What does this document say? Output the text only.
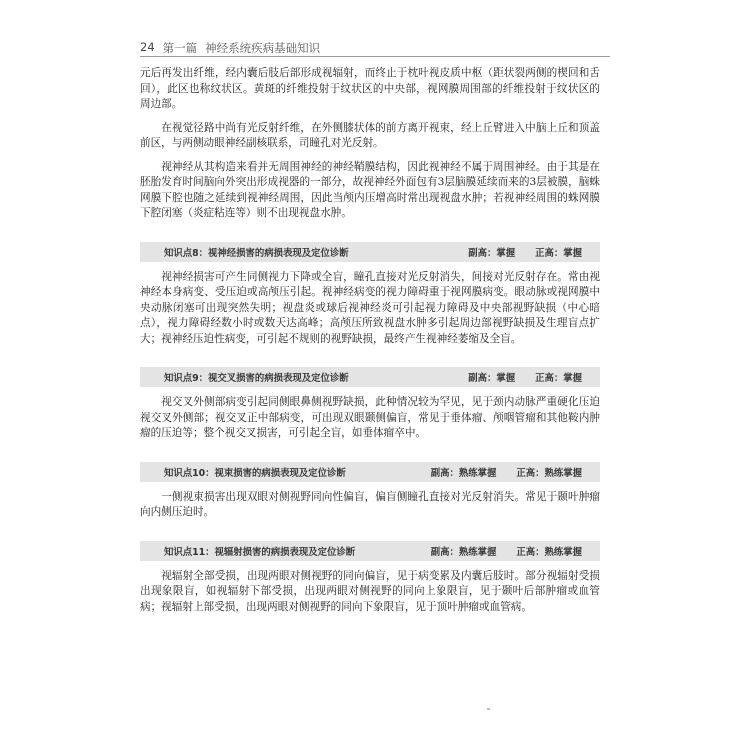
24 第一篇 神经系统疾病基础知识

元后再发出纤维，经内囊后肢后部形成视辐射，而终止于枕叶视皮质中枢（距状裂两侧的楔回和舌回），此区也称纹状区。黄斑的纤维投射于纹状区的中央部，视网膜周围部的纤维投射于纹状区的周边部。

在视觉径路中尚有光反射纤维，在外侧膝状体的前方离开视束，经上丘臂进入中脑上丘和顶盖前区，与两侧动眼神经副核联系，司瞳孔对光反射。

视神经从其构造来看并无周围神经的神经鞘膜结构，因此视神经不属于周围神经。由于其是在胚胎发育时间脑向外突出形成视器的一部分，故视神经外面包有3层脑膜延续而来的3层被膜，脑蛛网膜下腔也随之延续到视神经周围，因此当颅内压增高时常出现视盘水肿；若视神经周围的蛛网膜下腔闭塞（炎症粘连等）则不出现视盘水肿。

知识点8：视神经损害的病损表现及定位诊断	副高：掌握 正高：掌握

视神经损害可产生同侧视力下降或全盲，瞳孔直接对光反射消失，间接对光反射存在。常由视神经本身病变、受压迫或高颅压引起。视神经病变的视力障碍重于视网膜病变。眼动脉或视网膜中央动脉闭塞可出现突然失明；视盘炎或球后视神经炎可引起视力障碍及中央部视野缺损（中心暗点），视力障碍经数小时或数天达高峰；高颅压所致视盘水肿多引起周边部视野缺损及生理盲点扩大；视神经压迫性病变，可引起不规则的视野缺损，最终产生视神经萎缩及全盲。

知识点9：视交叉损害的病损表现及定位诊断	副高：掌握 正高：掌握

视交叉外侧部病变引起同侧眼鼻侧视野缺损，此种情况较为罕见，见于颈内动脉严重硬化压迫视交叉外侧部；视交叉正中部病变，可出现双眼颞侧偏盲，常见于垂体瘤、颅咽管瘤和其他鞍内肿瘤的压迫等；整个视交叉损害，可引起全盲，如垂体瘤卒中。

知识点10：视束损害的病损表现及定位诊断	副高：熟练掌握 正高：熟练掌握

一侧视束损害出现双眼对侧视野同向性偏盲，偏盲侧瞳孔直接对光反射消失。常见于颞叶肿瘤向内侧压迫时。

知识点11：视辐射损害的病损表现及定位诊断	副高：熟练掌握 正高：熟练掌握

视辐射全部受损，出现两眼对侧视野的同向偏盲，见于病变累及内囊后肢时。部分视辐射受损出现象限盲，如视辐射下部受损，出现两眼对侧视野的同向上象限盲，见于颞叶后部肿瘤或血管病；视辐射上部受损，出现两眼对侧视野的同向下象限盲，见于顶叶肿瘤或血管病。
